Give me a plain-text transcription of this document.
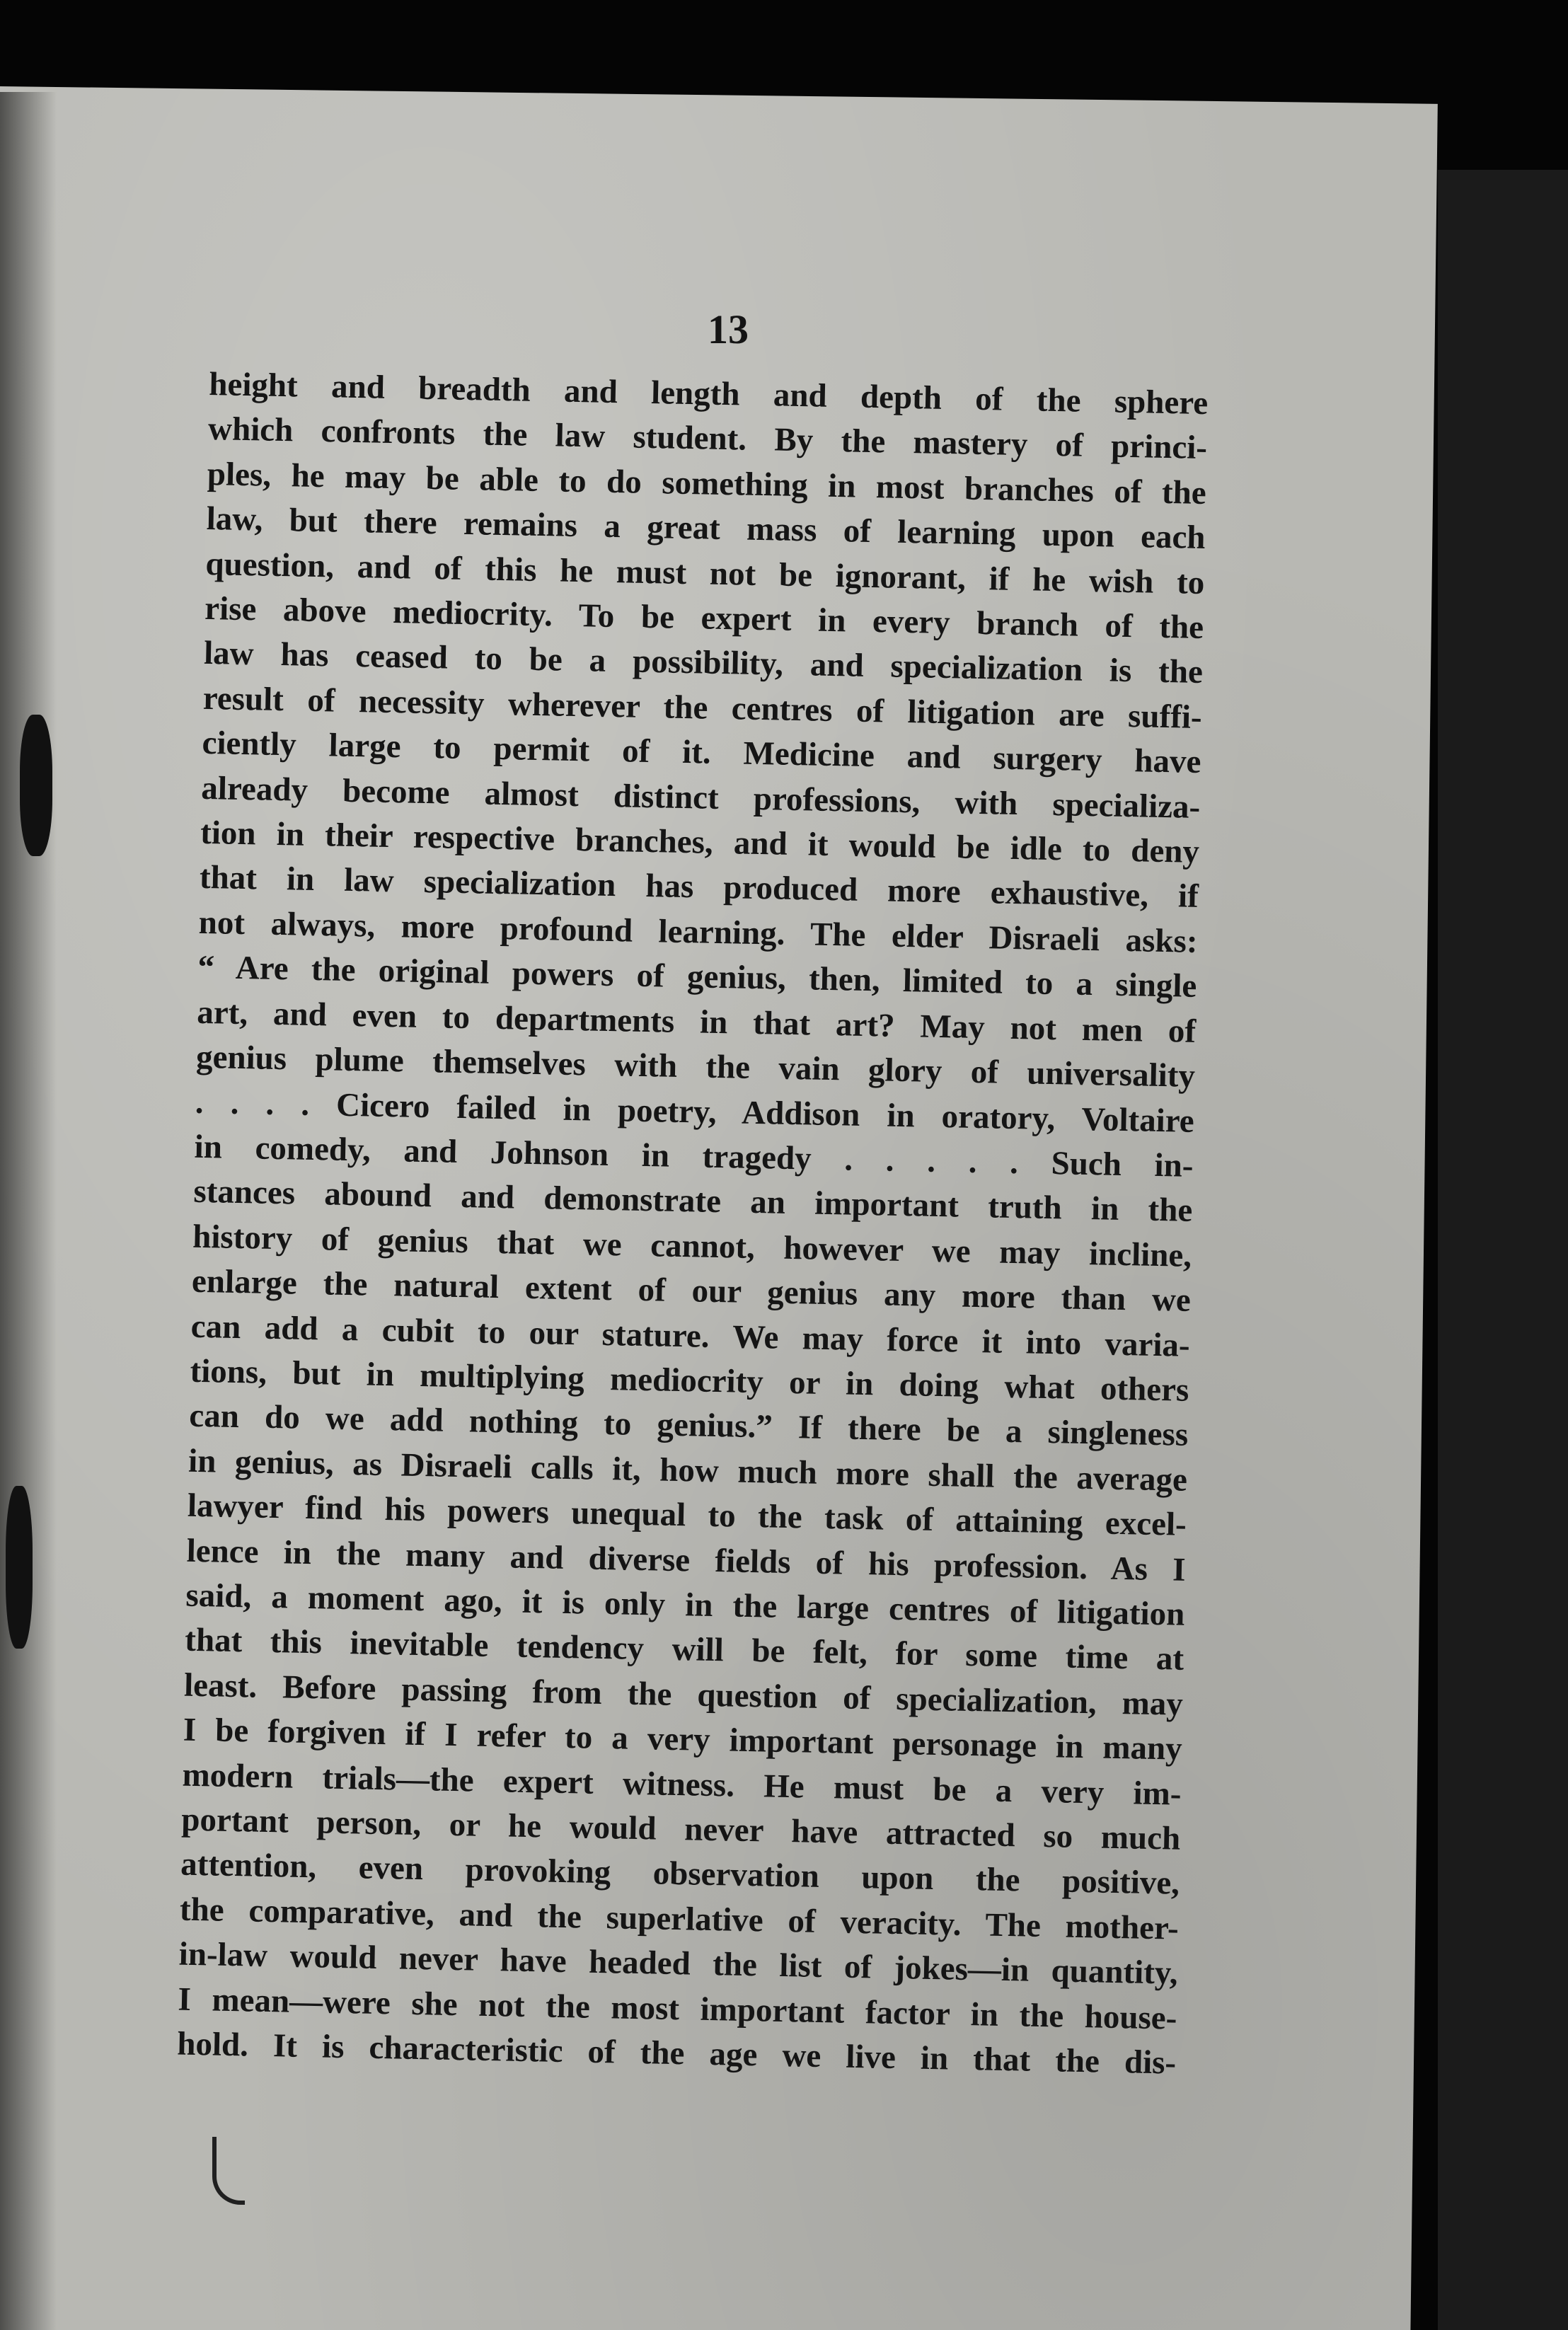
13
height and breadth and length and depth of the sphere
which confronts the law student. By the mastery of princi-
ples, he may be able to do something in most branches of the
law, but there remains a great mass of learning upon each
question, and of this he must not be ignorant, if he wish to
rise above mediocrity. To be expert in every branch of the
law has ceased to be a possibility, and specialization is the
result of necessity wherever the centres of litigation are suffi-
ciently large to permit of it. Medicine and surgery have
already become almost distinct professions, with specializa-
tion in their respective branches, and it would be idle to deny
that in law specialization has produced more exhaustive, if
not always, more profound learning. The elder Disraeli asks:
“ Are the original powers of genius, then, limited to a single
art, and even to departments in that art? May not men of
genius plume themselves with the vain glory of universality
. . . . Cicero failed in poetry, Addison in oratory, Voltaire
in comedy, and Johnson in tragedy . . . . . Such in-
stances abound and demonstrate an important truth in the
history of genius that we cannot, however we may incline,
enlarge the natural extent of our genius any more than we
can add a cubit to our stature. We may force it into varia-
tions, but in multiplying mediocrity or in doing what others
can do we add nothing to genius.” If there be a singleness
in genius, as Disraeli calls it, how much more shall the average
lawyer find his powers unequal to the task of attaining excel-
lence in the many and diverse fields of his profession. As I
said, a moment ago, it is only in the large centres of litigation
that this inevitable tendency will be felt, for some time at
least. Before passing from the question of specialization, may
I be forgiven if I refer to a very important personage in many
modern trials—the expert witness. He must be a very im-
portant person, or he would never have attracted so much
attention, even provoking observation upon the positive,
the comparative, and the superlative of veracity. The mother-
in-law would never have headed the list of jokes—in quantity,
I mean—were she not the most important factor in the house-
hold. It is characteristic of the age we live in that the dis-
